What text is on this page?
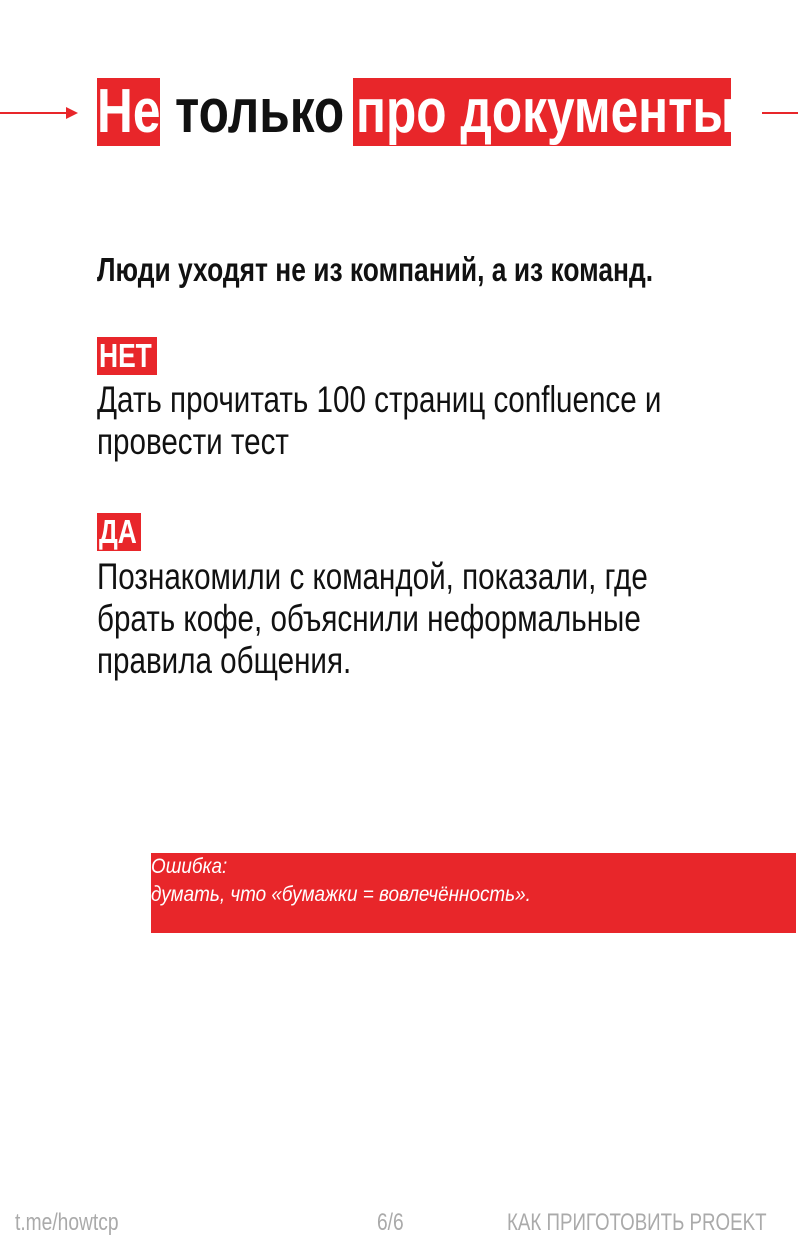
Не только про документы
Люди уходят не из компаний, а из команд.
НЕТ
Дать прочитать 100 страниц confluence и
провести тест
ДА
Познакомили с командой, показали, где
брать кофе, объяснили неформальные
правила общения.
Ошибка:
думать, что «бумажки = вовлечённость».
t.me/howtcp	6/6	КАК ПРИГОТОВИТЬ PROEKT
